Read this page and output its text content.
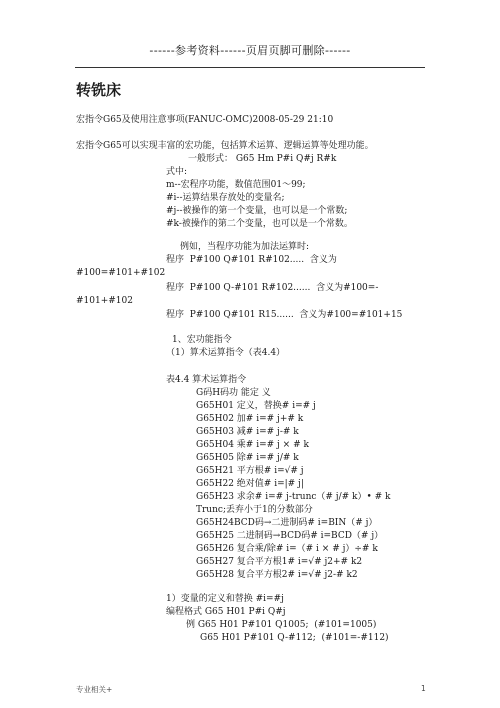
------参考资料------页眉页脚可删除------
转铣床
宏指令G65及使用注意事项(FANUC-OMC)2008-05-29 21:10
宏指令G65可以实现丰富的宏功能，包括算术运算、逻辑运算等处理功能。
一般形式： G65 Hm P#i Q#j R#k
式中:
m--宏程序功能，数值范围01～99;
#i--运算结果存放处的变量名;
#j--被操作的第一个变量，也可以是一个常数;
#k-被操作的第二个变量，也可以是一个常数。
例如，当程序功能为加法运算时:
程序  P#100 Q#101 R#102.....  含义为
#100=#101+#102
程序  P#100 Q-#101 R#102......  含义为#100=-
#101+#102
程序  P#100 Q#101 R15......  含义为#100=#101+15
1、宏功能指令
（1）算术运算指令（表4.4）
表4.4 算术运算指令
G码H码功 能定 义
G65H01 定义，替换# i=# j
G65H02 加# i=# j+# k
G65H03 减# i=# j-# k
G65H04 乘# i=# j × # k
G65H05 除# i=# j/# k
G65H21 平方根# i=√# j
G65H22 绝对值# i=|# j|
G65H23 求余# i=# j-trunc（# j/# k）• # k
Trunc;丢弃小于1的分数部分
G65H24BCD码→二进制码# i=BIN（# j）
G65H25 二进制码→BCD码# i=BCD（# j）
G65H26 复合乘/除# i=（# i × # j）÷# k
G65H27 复合平方根1# i=√# j2+# k2
G65H28 复合平方根2# i=√# j2-# k2
1）变量的定义和替换 #i=#j
编程格式 G65 H01 P#i Q#j
例 G65 H01 P#101 Q1005;  (#101=1005)
G65 H01 P#101 Q-#112;  (#101=-#112)
专业相关+	1
